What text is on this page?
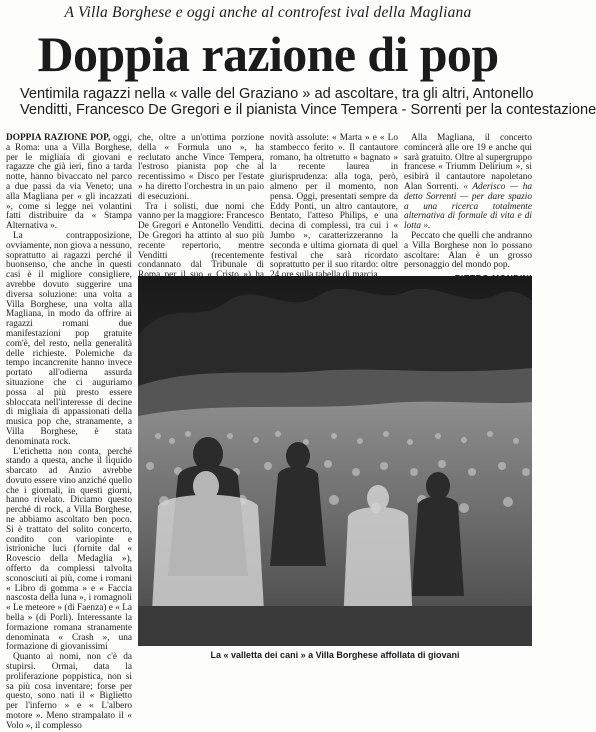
A Villa Borghese e oggi anche al controfest ival della Magliana
Doppia razione di pop
Ventimila ragazzi nella « valle del Graziano » ad ascoltare, tra gli altri, Antonello
Venditti, Francesco De Gregori e il pianista Vince Tempera - Sorrenti per la contestazione

DOPPIA RAZIONE POP, oggi, a Roma: una a Villa Borghese, per le migliaia di giovani e ragazze che già ieri, fino a tarda notte, hanno bivaccato nel parco a due passi da via Veneto; una alla Magliana per « gli incazzati », come si legge nei volantini fatti distribuire da « Stampa Alternativa ».

La contrapposizione, ovviamente, non giova a nessuno, soprattutto ai ragazzi perché il buonsenso, che anche in questi casi è il migliore consigliere, avrebbe dovuto suggerire una diversa soluzione: una volta a Villa Borghese, una volta alla Magliana, in modo da offrire ai ragazzi romani due manifestazioni pop gratuite com'è, del resto, nella generalità delle richieste. Polemiche da tempo incancrenite hanno invece portato all'odierna assurda situazione che ci auguriamo possa al più presto essere sbloccata nell'interesse di decine di migliaia di appassionati della musica pop che, stranamente, a Villa Borghese, è stata denominata rock.

L'etichetta non conta, perché stando a questa, anche il liquido sbarcato ad Anzio avrebbe dovuto essere vino anziché quello che i giornali, in questi giorni, hanno rivelato. Diciamo questo perché di rock, a Villa Borghese, ne abbiamo ascoltato ben poco. Si è trattato del solito concerto, condito con variopinte e istrioniche luci (fornite dal « Rovescio della Medaglia »), offerto da complessi talvolta sconosciuti ai più, come i romani « Libro di gomma » e « Faccia nascosta della luna », i romagnoli « Le meteore » (di Faenza) e « La bella » (di Porli). Interessante la formazione romana stranamente denominata « Crash », una formazione di giovanissimi

Quanto ai nomi, non c'è da stupirsi. Ormai, data la proliferazione poppistica, non si sa più cosa inventare; forse per questo, sono nati il « Biglietto per l'inferno » e « L'albero motore ». Meno strampalato il « Volo », il complesso

che, oltre a un'ottima porzione della « Formula uno », ha reclutato anche Vince Tempera, l'estroso pianista pop che al recentissimo « Disco per l'estate » ha diretto l'orchestra in un paio di esecuzioni.

Tra i solisti, due nomi che vanno per la maggiore: Francesco De Gregori e Antonello Venditti. De Gregori ha attinto al suo più recente repertorio, mentre Venditti (recentemente condannato dal Tribunale di

novità assolute: « Marta » e « Lo stambecco ferito ». Il cantautore romano, ha oltretutto « bagnato » la recente laurea in giurisprudenza: alla toga, però, almeno per il momento, non pensa. Oggi, presentati sempre da Eddy Ponti, un altro cantautore, Bentato, l'atteso Philips, e una decina di complessi, tra cui i « Jumbo », caratterizzeranno la seconda e ultima giornata di quel festival che sarà ricordato soprattutto per il suo ritardo: oltre

Alla Magliana, il concerto comincerà alle ore 19 e anche qui sarà gratuito. Oltre al supergruppo francese « Triumm Delirium », si esibirà il cantautore napoletano Alan Sorrenti. « Aderisco — ha detto Sorrenti — per dare spazio a una ricerca totalmente alternativa di formule di vita e di lotta ».

Peccato che quelli che andranno a Villa Borghese non lo possano ascoltare: Alan è un grosso personaggio del mondo pop.

La « valletta dei cani » a Villa Borghese affollata di giovani
